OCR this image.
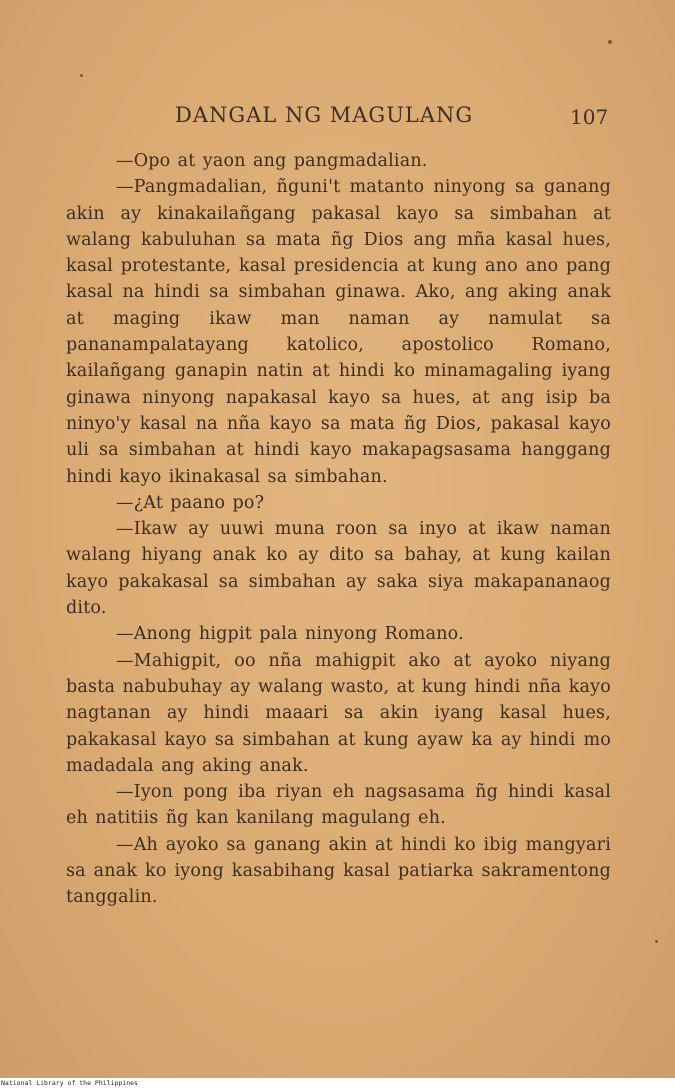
DANGAL NG MAGULANG	107

—Opo at yaon ang pangmadalian.

—Pangmadalian, ñguni't matanto ninyong sa ganang akin ay kinakailañgang pakasal kayo sa simbahan at walang kabuluhan sa mata ñg Dios ang mña kasal hues, kasal protestante, kasal presidencia at kung ano ano pang kasal na hindi sa simbahan ginawa. Ako, ang aking anak at maging ikaw man naman ay namulat sa pananampalatayang katolico, apostolico Romano, kailañgang ganapin natin at hindi ko minamagaling iyang ginawa ninyong napakasal kayo sa hues, at ang isip ba ninyo'y kasal na nña kayo sa mata ñg Dios, pakasal kayo uli sa simbahan at hindi kayo makapagsasama hanggang hindi kayo ikinakasal sa simbahan.

—¿At paano po?

—Ikaw ay uuwi muna roon sa inyo at ikaw naman walang hiyang anak ko ay dito sa bahay, at kung kailan kayo pakakasal sa simbahan ay saka siya makapananaog dito.

—Anong higpit pala ninyong Romano.

—Mahigpit, oo nña mahigpit ako at ayoko niyang basta nabubuhay ay walang wasto, at kung hindi nña kayo nagtanan ay hindi maaari sa akin iyang kasal hues, pakakasal kayo sa simbahan at kung ayaw ka ay hindi mo madadala ang aking anak.

—Iyon pong iba riyan eh nagsasama ñg hindi kasal eh natitiis ñg kan kanilang magulang eh.

—Ah ayoko sa ganang akin at hindi ko ibig mangyari sa anak ko iyong kasabihang kasal patiarka sakramentong tanggalin.

National Library of the Philippines
